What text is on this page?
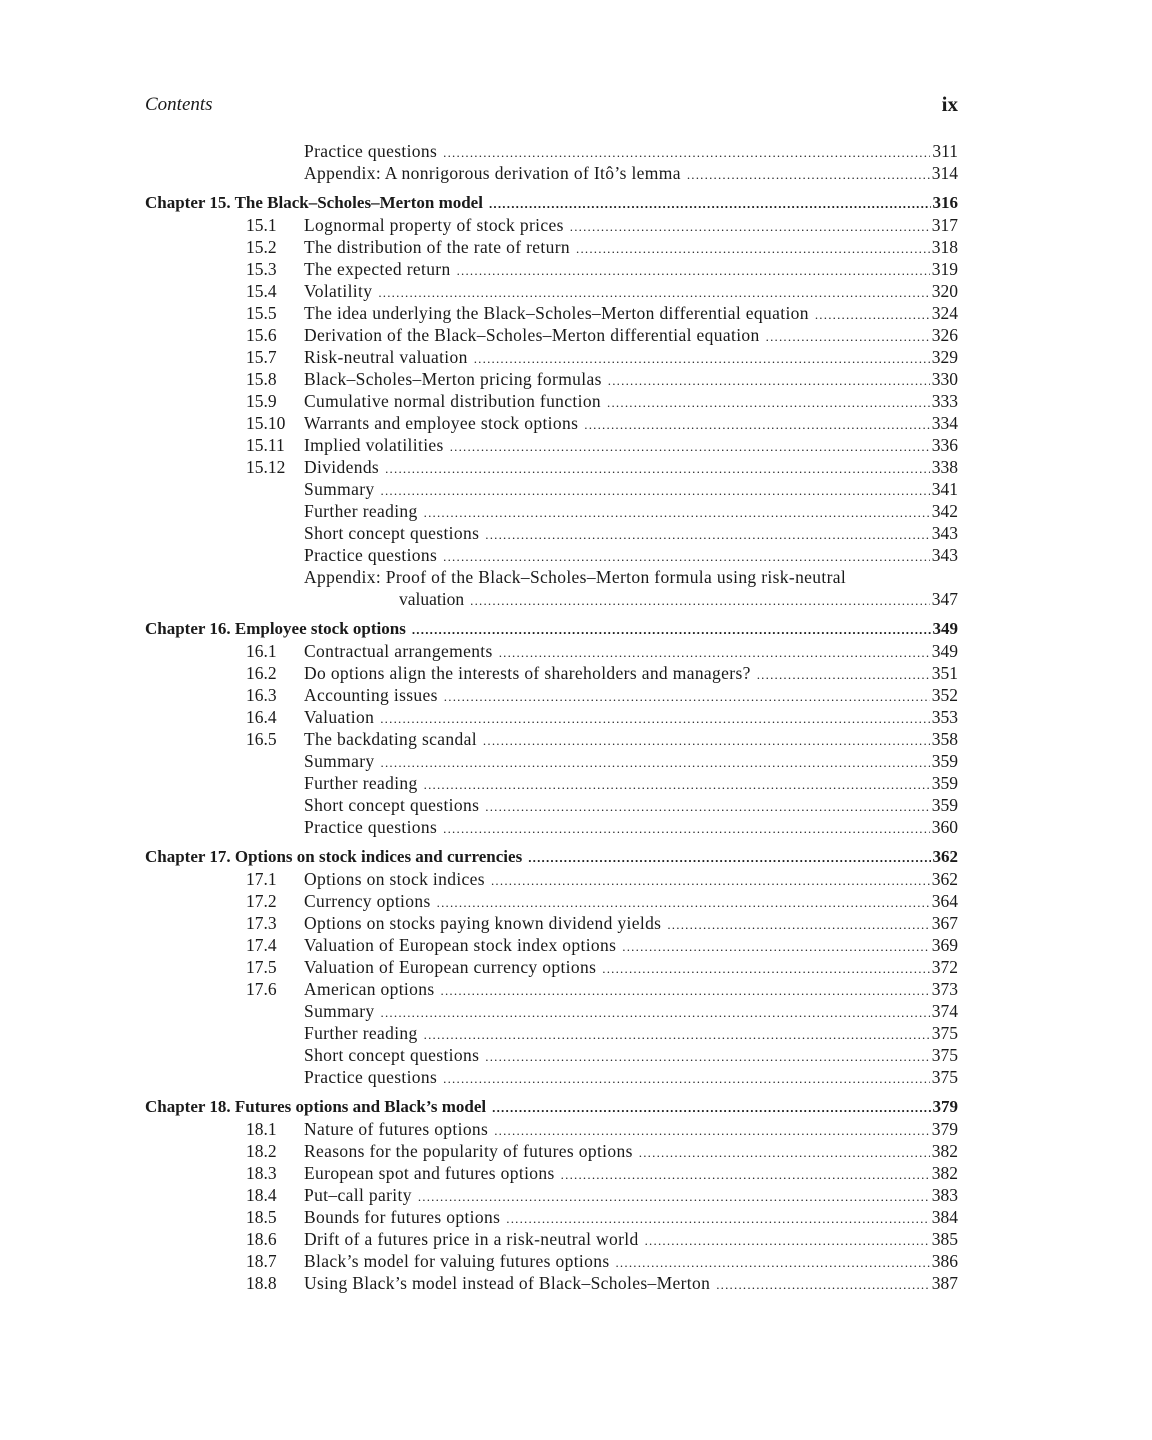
Contents	ix
Practice questions .....	311
Appendix: A nonrigorous derivation of Itô’s lemma .....	314
Chapter 15. The Black–Scholes–Merton model .....	316
15.1 Lognormal property of stock prices .....	317
15.2 The distribution of the rate of return .....	318
15.3 The expected return .....	319
15.4 Volatility .....	320
15.5 The idea underlying the Black–Scholes–Merton differential equation .....	324
15.6 Derivation of the Black–Scholes–Merton differential equation .....	326
15.7 Risk-neutral valuation .....	329
15.8 Black–Scholes–Merton pricing formulas .....	330
15.9 Cumulative normal distribution function .....	333
15.10 Warrants and employee stock options .....	334
15.11 Implied volatilities .....	336
15.12 Dividends .....	338
Summary .....	341
Further reading .....	342
Short concept questions .....	343
Practice questions .....	343
Appendix: Proof of the Black–Scholes–Merton formula using risk-neutral
valuation .....	347
Chapter 16. Employee stock options .....	349
16.1 Contractual arrangements .....	349
16.2 Do options align the interests of shareholders and managers? .....	351
16.3 Accounting issues .....	352
16.4 Valuation .....	353
16.5 The backdating scandal .....	358
Summary .....	359
Further reading .....	359
Short concept questions .....	359
Practice questions .....	360
Chapter 17. Options on stock indices and currencies .....	362
17.1 Options on stock indices .....	362
17.2 Currency options .....	364
17.3 Options on stocks paying known dividend yields .....	367
17.4 Valuation of European stock index options .....	369
17.5 Valuation of European currency options .....	372
17.6 American options .....	373
Summary .....	374
Further reading .....	375
Short concept questions .....	375
Practice questions .....	375
Chapter 18. Futures options and Black’s model .....	379
18.1 Nature of futures options .....	379
18.2 Reasons for the popularity of futures options .....	382
18.3 European spot and futures options .....	382
18.4 Put–call parity .....	383
18.5 Bounds for futures options .....	384
18.6 Drift of a futures price in a risk-neutral world .....	385
18.7 Black’s model for valuing futures options .....	386
18.8 Using Black’s model instead of Black–Scholes–Merton .....	387
